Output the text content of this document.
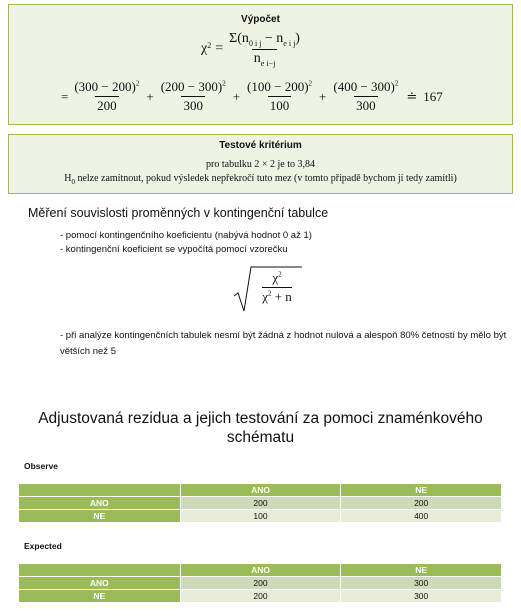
Výpočet
$\chi^2 = \frac{\Sigma(n_{0 i j} - n_{e i j})}{n_{e i-j}}$
= $\frac{(300 - 200)^2}{200} + \frac{(200 - 300)^2}{300} + \frac{(100 - 200)^2}{100} + \frac{(400 - 300)^2}{300}$ ≐ 167
Testové kritérium
pro tabulku 2 × 2 je to 3,84
$H_0$ nelze zamítnout, pokud výsledek nepřekročí tuto mez (v tomto případě bychom jí tedy zamítli)
Měření souvislosti proměnných v kontingenční tabulce
- pomocí kontingenčního koeficientu (nabývá hodnot 0 až 1)
- kontingenční koeficient se vypočítá pomocí vzorečku
$\frac{\chi^2}{\chi^2 + n}$
- při analýze kontingenčních tabulek nesmí být žádná z hodnot nulová a alespoň 80% četností by mělo být větších než 5
Adjustovaná rezidua a jejich testování za pomoci znaménkového schématu
Observe
	ANO	NE
ANO	200	200
NE	100	400
Expected
	ANO	NE
ANO	200	300
NE	200	300
